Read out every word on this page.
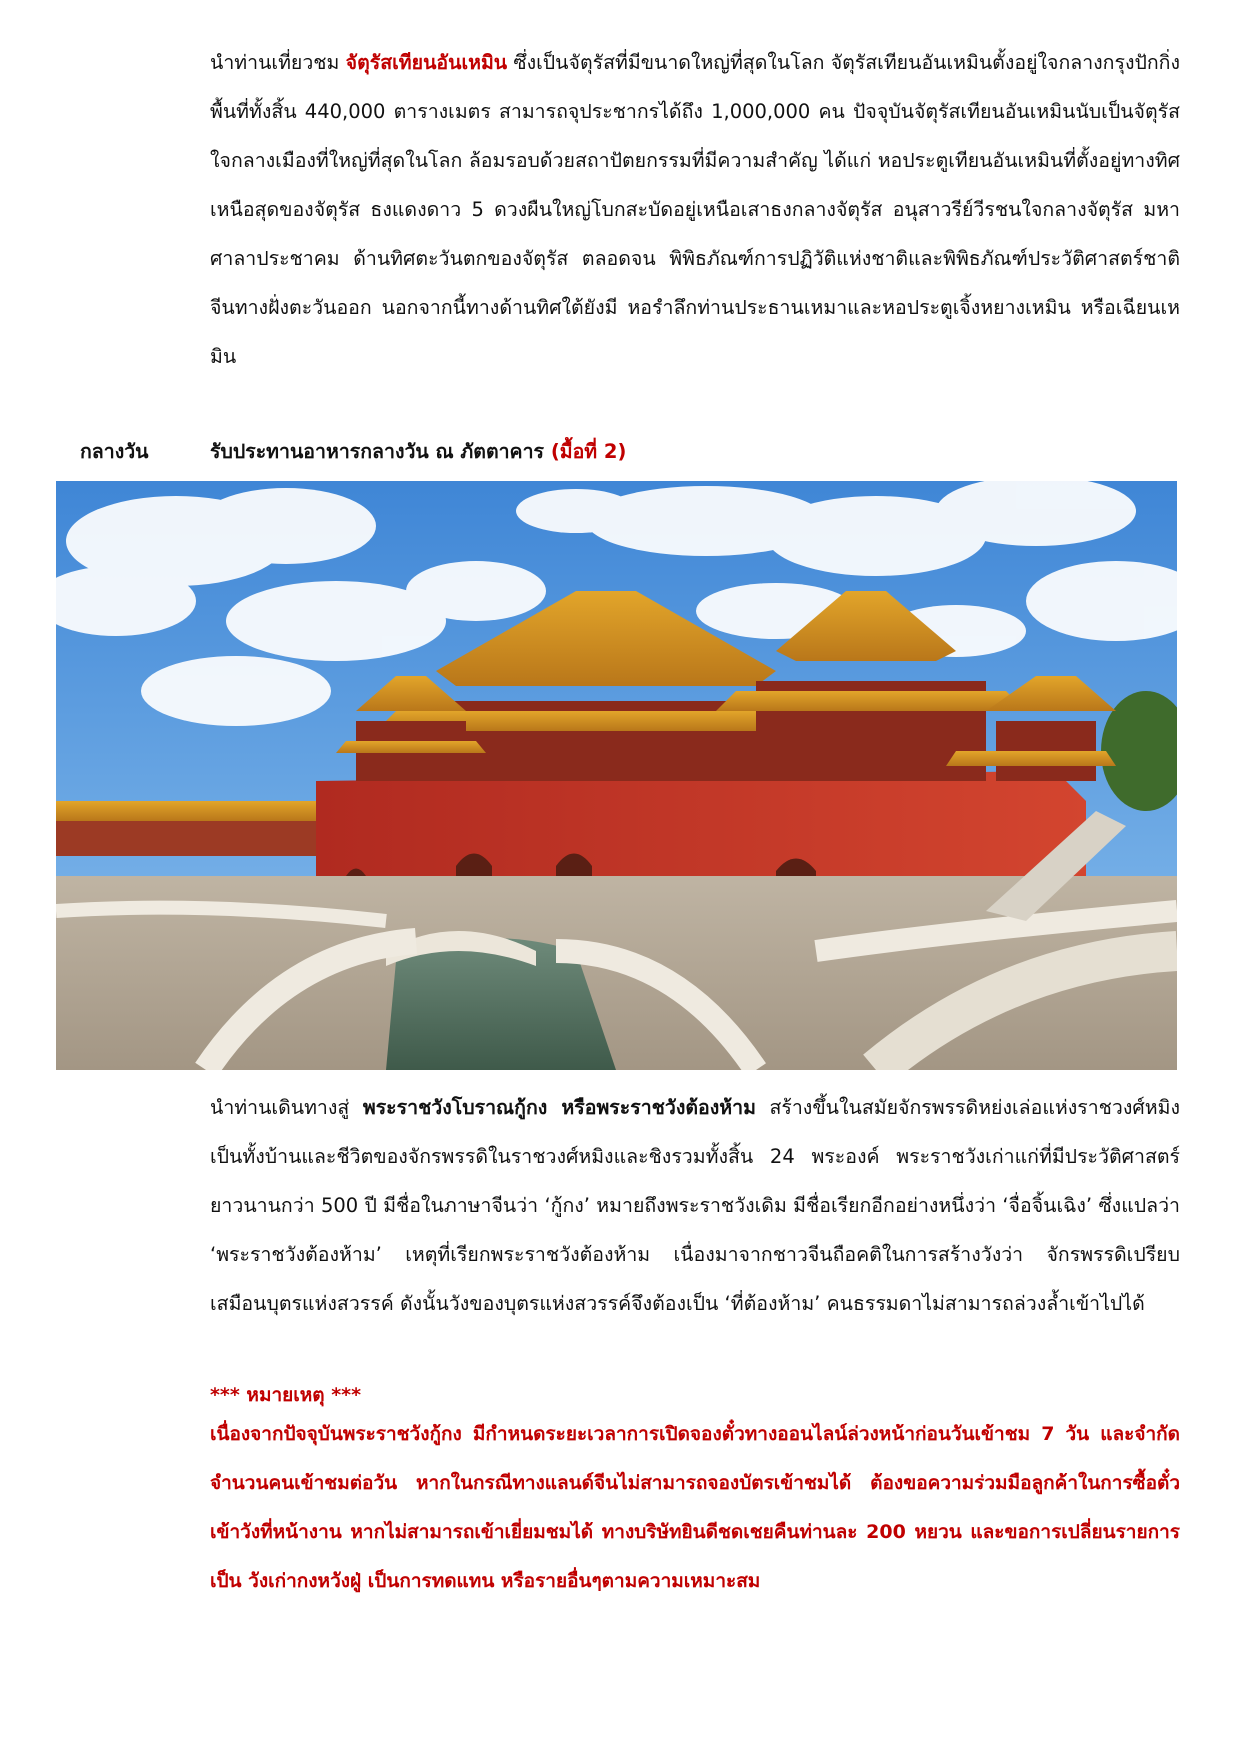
นำท่านเที่ยวชม จัตุรัสเทียนอันเหมิน ซึ่งเป็นจัตุรัสที่มีขนาดใหญ่ที่สุดในโลก จัตุรัสเทียนอันเหมินตั้งอยู่ใจกลางกรุงปักกิ่ง พื้นที่ทั้งสิ้น 440,000 ตารางเมตร สามารถจุประชากรได้ถึง 1,000,000 คน ปัจจุบันจัตุรัสเทียนอันเหมินนับเป็นจัตุรัสใจกลางเมืองที่ใหญ่ที่สุดในโลก ล้อมรอบด้วยสถาปัตยกรรมที่มีความสำคัญ ได้แก่ หอประตูเทียนอันเหมินที่ตั้งอยู่ทางทิศเหนือสุดของจัตุรัส ธงแดงดาว 5 ดวงผืนใหญ่โบกสะบัดอยู่เหนือเสาธงกลางจัตุรัส อนุสาวรีย์วีรชนใจกลางจัตุรัส มหาศาลาประชาคม ด้านทิศตะวันตกของจัตุรัส ตลอดจน พิพิธภัณฑ์การปฏิวัติแห่งชาติและพิพิธภัณฑ์ประวัติศาสตร์ชาติจีนทางฝั่งตะวันออก นอกจากนี้ทางด้านทิศใต้ยังมี หอรำลึกท่านประธานเหมาและหอประตูเจิ้งหยางเหมิน หรือเฉียนเหมิน
กลางวัน	รับประทานอาหารกลางวัน ณ ภัตตาคาร (มื้อที่ 2)
นำท่านเดินทางสู่ พระราชวังโบราณกู้กง หรือพระราชวังต้องห้าม สร้างขึ้นในสมัยจักรพรรดิหย่งเล่อแห่งราชวงศ์หมิง เป็นทั้งบ้านและชีวิตของจักรพรรดิในราชวงศ์หมิงและชิงรวมทั้งสิ้น 24 พระองค์ พระราชวังเก่าแก่ที่มีประวัติศาสตร์ยาวนานกว่า 500 ปี มีชื่อในภาษาจีนว่า ‘กู้กง’ หมายถึงพระราชวังเดิม มีชื่อเรียกอีกอย่างหนึ่งว่า ‘จื่อจิ้นเฉิง’ ซึ่งแปลว่า ‘พระราชวังต้องห้าม’ เหตุที่เรียกพระราชวังต้องห้าม เนื่องมาจากชาวจีนถือคติในการสร้างวังว่า จักรพรรดิเปรียบเสมือนบุตรแห่งสวรรค์ ดังนั้นวังของบุตรแห่งสวรรค์จึงต้องเป็น ‘ที่ต้องห้าม’ คนธรรมดาไม่สามารถล่วงล้ำเข้าไปได้
*** หมายเหตุ ***
เนื่องจากปัจจุบันพระราชวังกู้กง มีกำหนดระยะเวลาการเปิดจองตั๋วทางออนไลน์ล่วงหน้าก่อนวันเข้าชม 7 วัน และจำกัดจำนวนคนเข้าชมต่อวัน หากในกรณีทางแลนด์จีนไม่สามารถจองบัตรเข้าชมได้ ต้องขอความร่วมมือลูกค้าในการซื้อตั๋วเข้าวังที่หน้างาน หากไม่สามารถเข้าเยี่ยมชมได้ ทางบริษัทยินดีชดเชยคืนท่านละ 200 หยวน และขอการเปลี่ยนรายการเป็น วังเก่ากงหวังฝู่ เป็นการทดแทน หรือรายอื่นๆตามความเหมาะสม
